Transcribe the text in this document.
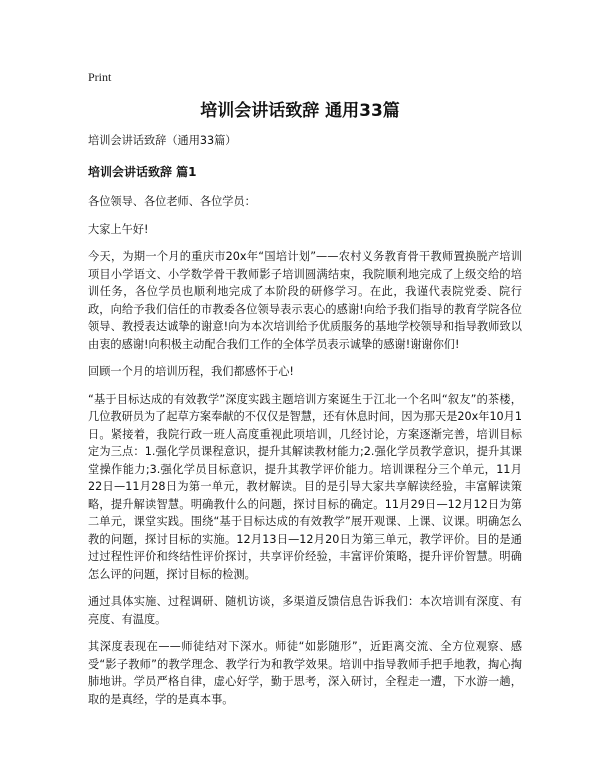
Print
培训会讲话致辞 通用33篇

培训会讲话致辞（通用33篇）

培训会讲话致辞 篇1

各位领导、各位老师、各位学员：

大家上午好!

今天，为期一个月的重庆市20x年“国培计划”——农村义务教育骨干教师置换脱产培训项目小学语文、小学数学骨干教师影子培训圆满结束，我院顺利地完成了上级交给的培训任务，各位学员也顺利地完成了本阶段的研修学习。在此，我谨代表院党委、院行政，向给予我们信任的市教委各位领导表示衷心的感谢!向给予我们指导的教育学院各位领导、教授表达诚挚的谢意!向为本次培训给予优质服务的基地学校领导和指导教师致以由衷的感谢!向积极主动配合我们工作的全体学员表示诚挚的感谢!谢谢你们!

回顾一个月的培训历程，我们都感怀于心!

“基于目标达成的有效教学”深度实践主题培训方案诞生于江北一个名叫“叙友”的茶楼，几位教研员为了起草方案奉献的不仅仅是智慧，还有休息时间，因为那天是20x年10月1日。紧接着，我院行政一班人高度重视此项培训，几经讨论，方案逐渐完善，培训目标定为三点：1.强化学员课程意识，提升其解读教材能力;2.强化学员教学意识，提升其课堂操作能力;3.强化学员目标意识，提升其教学评价能力。培训课程分三个单元，11月22日—11月28日为第一单元，教材解读。目的是引导大家共享解读经验，丰富解读策略，提升解读智慧。明确教什么的问题，探讨目标的确定。11月29日—12月12日为第二单元，课堂实践。围绕“基于目标达成的有效教学”展开观课、上课、议课。明确怎么教的问题，探讨目标的实施。12月13日—12月20日为第三单元，教学评价。目的是通过过程性评价和终结性评价探讨，共享评价经验，丰富评价策略，提升评价智慧。明确怎么评的问题，探讨目标的检测。

通过具体实施、过程调研、随机访谈，多渠道反馈信息告诉我们：本次培训有深度、有亮度、有温度。

其深度表现在——师徒结对下深水。师徒“如影随形”，近距离交流、全方位观察、感受“影子教师”的教学理念、教学行为和教学效果。培训中指导教师手把手地教，掏心掏肺地讲。学员严格自律，虚心好学，勤于思考，深入研讨，全程走一遭，下水游一趟，取的是真经，学的是真本事。
